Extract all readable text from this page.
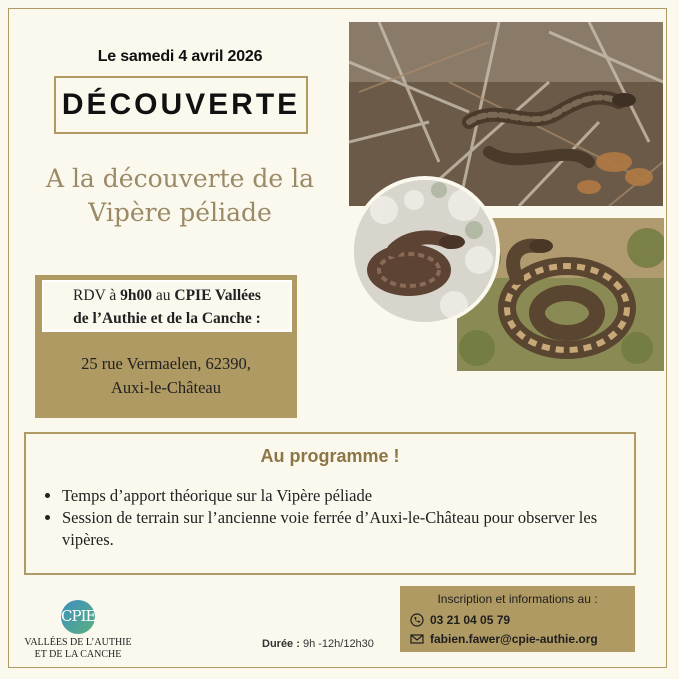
Le samedi 4 avril 2026
DÉCOUVERTE
A la découverte de la
Vipère péliade
RDV à 9h00 au CPIE Vallées
de l’Authie et de la Canche :
25 rue Vermaelen, 62390,
Auxi-le-Château
Au programme !
• Temps d’apport théorique sur la Vipère péliade
• Session de terrain sur l’ancienne voie ferrée d’Auxi-le-Château pour observer les vipères.
CPIE
VALLÉES DE L’AUTHIE
ET DE LA CANCHE
Durée : 9h -12h/12h30
Inscription et informations au :
03 21 04 05 79
fabien.fawer@cpie-authie.org
